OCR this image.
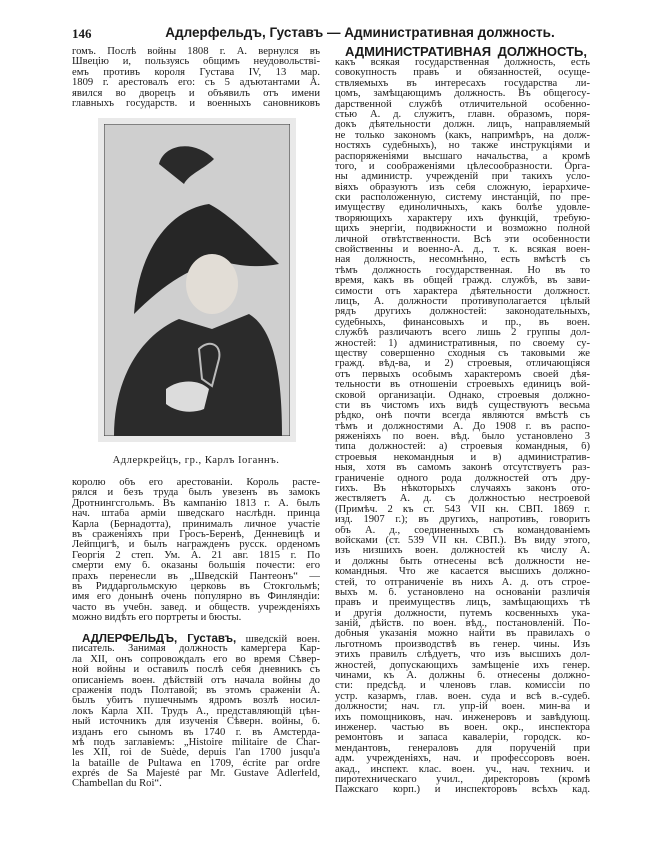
146	Адлерфельдъ, Густавъ — Административная должность.
гомъ. Послѣ войны 1808 г. А. вернулся въ
Швецію и, пользуясь общимъ неудовольстві-
емъ противъ короля Густава IV, 13 мар.
1809 г. арестовалъ его: съ 5 адъютантами А.
явился во дворецъ и объявилъ отъ имени
главныхъ государств. и военныхъ сановниковъ
Адлеркрейцъ, гр., Карлъ Іоганнъ.
королю объ его арестованіи. Король расте-
рялся и безъ труда былъ увезенъ въ замокъ
Дротнингсгольмъ. Въ кампанію 1813 г. А. былъ
нач. штаба арміи шведскаго наслѣдн. принца
Карла (Бернадотта), принималъ личное участіе
въ сраженіяхъ при Гросъ-Беренѣ, Денневицѣ и
Лейпцигѣ, и былъ награжденъ русск. орденомъ
Георгія 2 степ. Ум. А. 21 авг. 1815 г. По
смерти ему б. оказаны большія почести: его
прахъ перенесли въ „Шведскій Пантеонъ“ —
въ Риддаргольмскую церковь въ Стокгольмѣ;
имя его донынѣ очень популярно въ Финляндіи:
часто въ учебн. завед. и обществ. учрежденіяхъ
можно видѣть его портреты и бюсты.
АДЛЕРФЕЛЬДЪ, Густавъ, шведскій воен.
писатель. Занимая должность камергера Кар-
ла XII, онъ сопровождалъ его во время Сѣвер-
ной войны и оставилъ послѣ себя дневникъ съ
описаніемъ воен. дѣйствій отъ начала войны до
сраженія подъ Полтавой; въ этомъ сраженіи А.
былъ убитъ пушечнымъ ядромъ возлѣ носил-
локъ Карла XII. Трудъ А., представляющій цѣн-
ный источникъ для изученія Сѣверн. войны, б.
изданъ его сыномъ въ 1740 г. въ Амстерда-
мѣ подъ заглавіемъ: „Histoire militaire de Char-
les XII, roi de Suède, depuis l'an 1700 jusqu'a
la bataille de Pultawa en 1709, écrite par ordre
exprés de Sa Majesté par Mr. Gustave Adlerfeld,
Chambellan du Roi“.
АДМИНИСТРАТИВНАЯ ДОЛЖНОСТЬ,
какъ всякая государственная должность, есть
совокупность правъ и обязанностей, осуще-
ствляемыхъ въ интересахъ государства ли-
цомъ, замѣщающимъ должность. Въ общегосу-
дарственной службѣ отличительной особенно-
стью А. д. служитъ, главн. образомъ, поря-
докъ дѣятельности должн. лицъ, направляемый
не только закономъ (какъ, напримѣръ, на долж-
ностяхъ судебныхъ), но также инструкціями и
распоряженіями высшаго начальства, а кромѣ
того, и соображеніями цѣлесообразности. Орга-
ны администр. учрежденій при такихъ усло-
віяхъ образуютъ изъ себя сложную, іерархиче-
ски расположенную, систему инстанцій, по пре-
имуществу единоличныхъ, какъ болѣе удовле-
творяющихъ характеру ихъ функцій, требую-
щихъ энергіи, подвижности и возможно полной
личной отвѣтственности. Всѣ эти особенности
свойственны и военно-А. д., т. к. всякая воен-
ная должность, несомнѣнно, есть вмѣстѣ съ
тѣмъ должность государственная. Но въ то
время, какъ въ общей гражд. службѣ, въ зави-
симости отъ характера дѣятельности должност.
лицъ, А. должности противуполагается цѣлый
рядъ другихъ должностей: законодательныхъ,
судебныхъ, финансовыхъ и пр., въ воен.
службѣ различаютъ всего лишь 2 группы дол-
жностей: 1) административныя, по своему су-
ществу совершенно сходныя съ таковыми же
гражд. вѣд-ва, и 2) строевыя, отличающіяся
отъ первыхъ особымъ характеромъ своей дѣя-
тельности въ отношеніи строевыхъ единицъ вой-
сковой организаціи. Однако, строевыя должно-
сти въ чистомъ ихъ видѣ существуютъ весьма
рѣдко, онѣ почти всегда являются вмѣстѣ съ
тѣмъ и должностями А. До 1908 г. въ распо-
ряженіяхъ по воен. вѣд. было установлено 3
типа должностей: а) строевыя командныя, б)
строевыя некомандныя и в) административ-
ныя, хотя въ самомъ законѣ отсутствуетъ раз-
граниченіе одного рода должностей отъ дру-
гихъ. Въ нѣкоторыхъ случаяхъ законъ ото-
жествляетъ А. д. съ должностью нестроевой
(Примѣч. 2 къ ст. 543 VII кн. СВП. 1869 г.
изд. 1907 г.); въ другихъ, напротивъ, говоритъ
объ А. д., соединенныхъ съ командованіемъ
войсками (ст. 539 VII кн. СВП.). Въ виду этого,
изъ низшихъ воен. должностей къ числу А.
и должны быть отнесены всѣ должности не-
командныя. Что же касается высшихъ должно-
стей, то отграниченіе въ нихъ А. д. отъ строе-
выхъ м. б. установлено на основаніи различія
правъ и преимуществъ лицъ, замѣщающихъ тѣ
и другія должности, путемъ косвенныхъ ука-
заній, дѣйств. по воен. вѣд., постановленій. По-
добныя указанія можно найти въ правилахъ о
льготномъ производствѣ въ генер. чины. Изъ
этихъ правилъ слѣдуетъ, что изъ высшихъ дол-
жностей, допускающихъ замѣщеніе ихъ генер.
чинами, къ А. должны б. отнесены должно-
сти: предсѣд. и членовъ глав. комиссіи по
устр. казармъ, глав. воен. суда и всѣ в.-судеб.
должности; нач. гл. упр-ій воен. мин-ва и
ихъ помощниковъ, нач. инженеровъ и завѣдующ.
инженер. частью въ воен. окр., инспектора
ремонтовъ и запаса кавалеріи, городск. ко-
мендантовъ, генераловъ для порученій при
адм. учрежденіяхъ, нач. и профессоровъ воен.
акад., инспект. клас. воен. уч., нач. технич. и
пиротехническаго учил., директоровъ (кромѣ
Пажскаго корп.) и инспекторовъ всѣхъ кад.
